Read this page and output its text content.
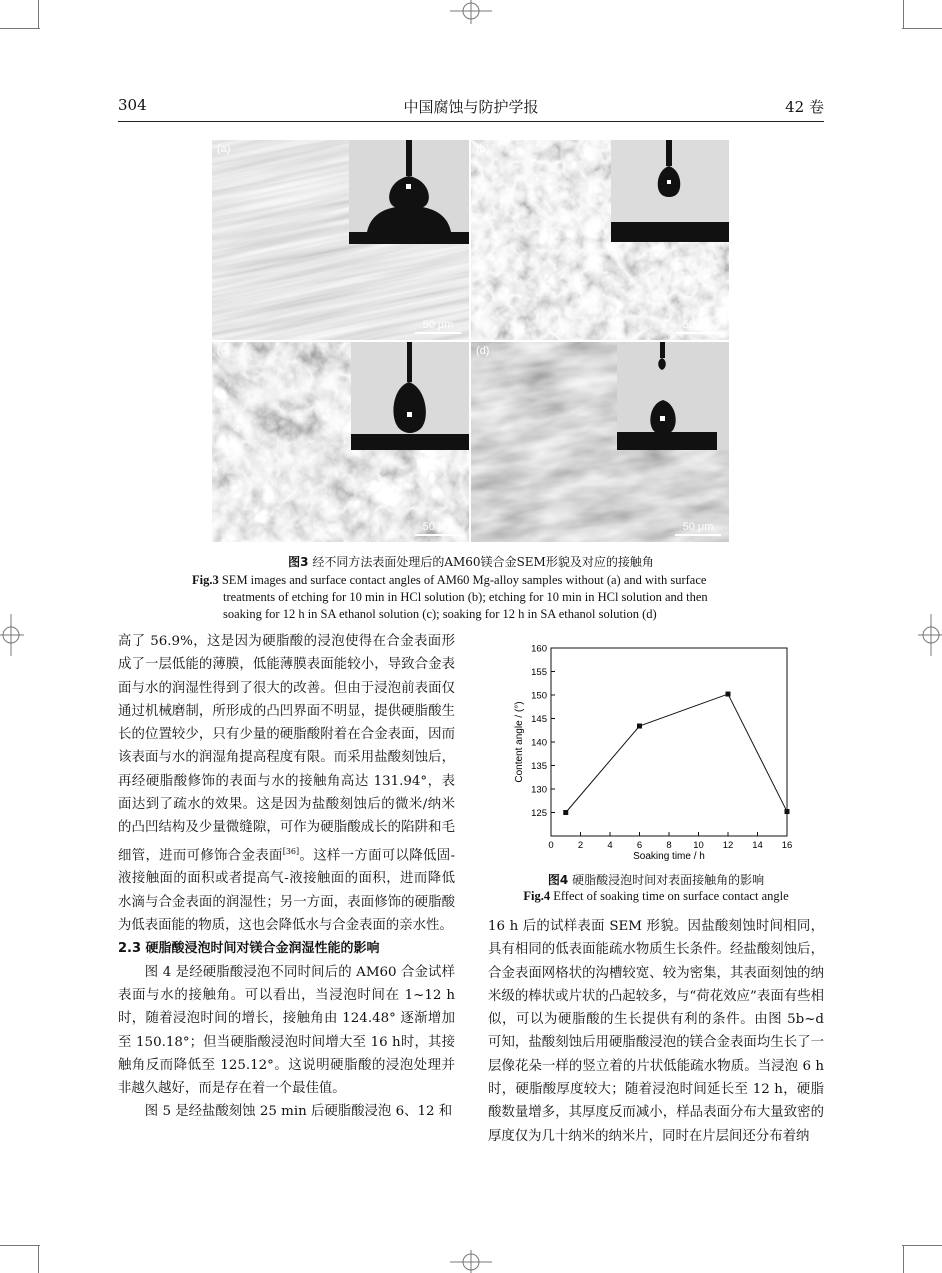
304	中国腐蚀与防护学报	42 卷
(a)
50 μm
(b)
50 μm
(c)
50 μm
(d)
50 μm
图3 经不同方法表面处理后的AM60镁合金SEM形貌及对应的接触角
Fig.3 SEM images and surface contact angles of AM60 Mg-alloy samples without (a) and with surface
treatments of etching for 10 min in HCl solution (b); etching for 10 min in HCl solution and then
soaking for 12 h in SA ethanol solution (c); soaking for 12 h in SA ethanol solution (d)

高了 56.9%，这是因为硬脂酸的浸泡使得在合金表面形成了一层低能的薄膜，低能薄膜表面能较小，导致合金表面与水的润湿性得到了很大的改善。但由于浸泡前表面仅通过机械磨制，所形成的凸凹界面不明显，提供硬脂酸生长的位置较少，只有少量的硬脂酸附着在合金表面，因而该表面与水的润湿角提高程度有限。而采用盐酸刻蚀后，再经硬脂酸修饰的表面与水的接触角高达 131.94°，表面达到了疏水的效果。这是因为盐酸刻蚀后的微米/纳米的凸凹结构及少量微缝隙，可作为硬脂酸成长的陷阱和毛细管，进而可修饰合金表面[36]。这样一方面可以降低固-液接触面的面积或者提高气-液接触面的面积，进而降低水滴与合金表面的润湿性；另一方面，表面修饰的硬脂酸为低表面能的物质，这也会降低水与合金表面的亲水性。

2.3 硬脂酸浸泡时间对镁合金润湿性能的影响

图 4 是经硬脂酸浸泡不同时间后的 AM60 合金试样表面与水的接触角。可以看出，当浸泡时间在 1~12 h 时，随着浸泡时间的增长，接触角由 124.48° 逐渐增加至 150.18°；但当硬脂酸浸泡时间增大至 16 h时，其接触角反而降低至 125.12°。这说明硬脂酸的浸泡处理并非越久越好，而是存在着一个最佳值。

图 5 是经盐酸刻蚀 25 min 后硬脂酸浸泡 6、12 和

16 h 后的试样表面 SEM 形貌。因盐酸刻蚀时间相同，具有相同的低表面能疏水物质生长条件。经盐酸刻蚀后，合金表面网格状的沟槽较宽、较为密集，其表面刻蚀的纳米级的棒状或片状的凸起较多，与“荷花效应”表面有些相似，可以为硬脂酸的生长提供有利的条件。由图 5b~d 可知，盐酸刻蚀后用硬脂酸浸泡的镁合金表面均生长了一层像花朵一样的竖立着的片状低能疏水物质。当浸泡 6 h 时，硬脂酸厚度较大；随着浸泡时间延长至 12 h，硬脂酸数量增多，其厚度反而减小，样品表面分布大量致密的厚度仅为几十纳米的纳米片，同时在片层间还分布着纳

0	2	4	6	8 10 12 14 16
125
130
135
140
145
150
155
160
Soaking time / h
Content angle / (°)
图4 硬脂酸浸泡时间对表面接触角的影响
Fig.4 Effect of soaking time on surface contact angle
